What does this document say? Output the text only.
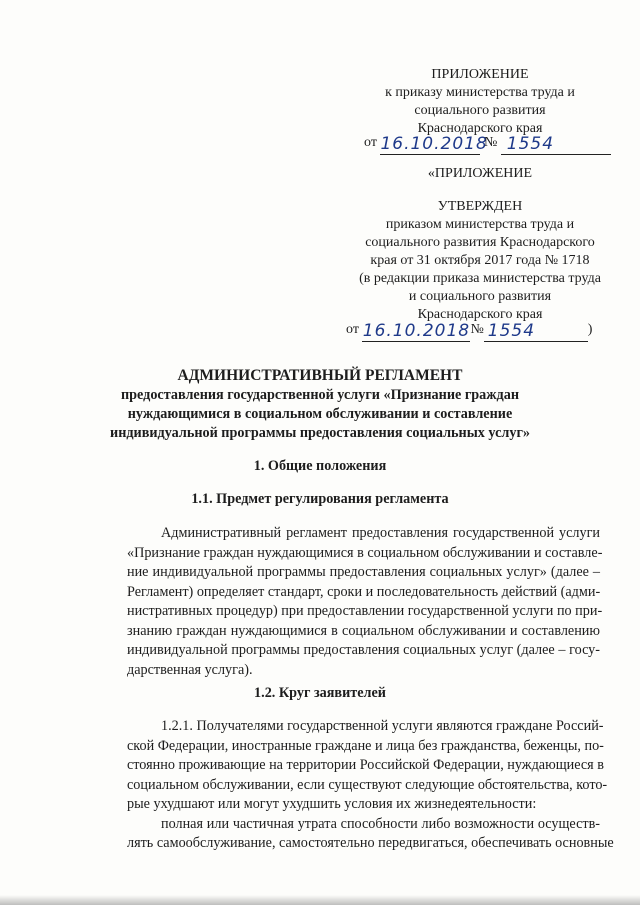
ПРИЛОЖЕНИЕ
к приказу министерства труда и
социального развития
Краснодарского края
от 16.10.2018 № 1554
«ПРИЛОЖЕНИЕ
УТВЕРЖДЕН
приказом министерства труда и
социального развития Краснодарского
края от 31 октября 2017 года № 1718
(в редакции приказа министерства труда
и социального развития
Краснодарского края
от 16.10.2018№ 1554	)
АДМИНИСТРАТИВНЫЙ РЕГЛАМЕНТ
предоставления государственной услуги «Признание граждан
нуждающимися в социальном обслуживании и составление
индивидуальной программы предоставления социальных услуг»
1. Общие положения
1.1. Предмет регулирования регламента
Административный регламент предоставления государственной услуги
«Признание граждан нуждающимися в социальном обслуживании и составле-
ние индивидуальной программы предоставления социальных услуг» (далее –
Регламент) определяет стандарт, сроки и последовательность действий (адми-
нистративных процедур) при предоставлении государственной услуги по при-
знанию граждан нуждающимися в социальном обслуживании и составлению
индивидуальной программы предоставления социальных услуг (далее – госу-
дарственная услуга).
1.2. Круг заявителей
1.2.1. Получателями государственной услуги являются граждане Россий-
ской Федерации, иностранные граждане и лица без гражданства, беженцы, по-
стоянно проживающие на территории Российской Федерации, нуждающиеся в
социальном обслуживании, если существуют следующие обстоятельства, кото-
рые ухудшают или могут ухудшить условия их жизнедеятельности:
полная или частичная утрата способности либо возможности осуществ-
лять самообслуживание, самостоятельно передвигаться, обеспечивать основные
